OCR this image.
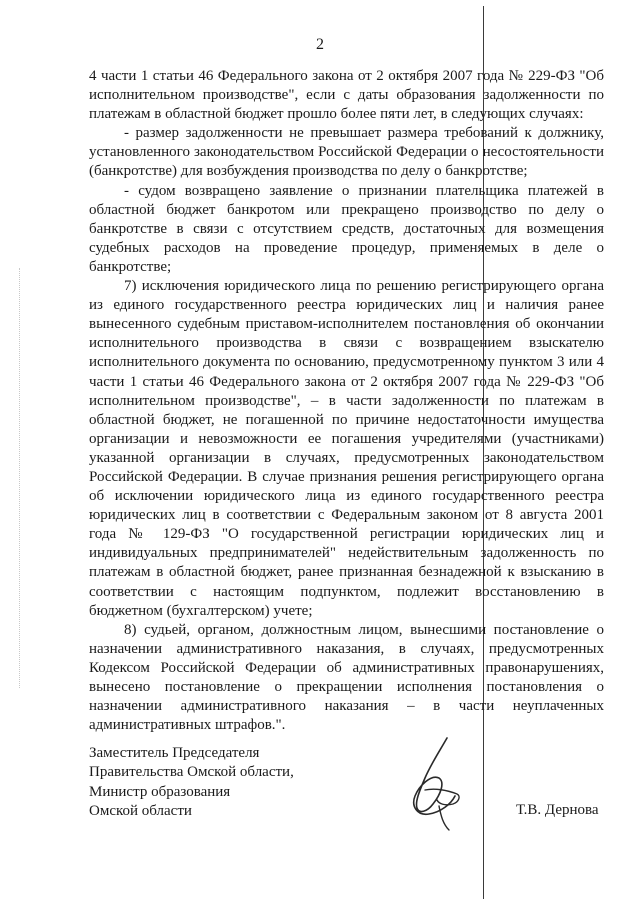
2

4 части 1 статьи 46 Федерального закона от 2 октября 2007 года № 229-ФЗ "Об исполнительном производстве", если с даты образования задолженности по платежам в областной бюджет прошло более пяти лет, в следующих случаях:

- размер задолженности не превышает размера требований к должнику, установленного законодательством Российской Федерации о несостоятельности (банкротстве) для возбуждения производства по делу о банкротстве;

- судом возвращено заявление о признании плательщика платежей в областной бюджет банкротом или прекращено производство по делу о банкротстве в связи с отсутствием средств, достаточных для возмещения судебных расходов на проведение процедур, применяемых в деле о банкротстве;

7) исключения юридического лица по решению регистрирующего органа из единого государственного реестра юридических лиц и наличия ранее вынесенного судебным приставом-исполнителем постановления об окончании исполнительного производства в связи с возвращением взыскателю исполнительного документа по основанию, предусмотренному пунктом 3 или 4 части 1 статьи 46 Федерального закона от 2 октября 2007 года № 229-ФЗ "Об исполнительном производстве", – в части задолженности по платежам в областной бюджет, не погашенной по причине недостаточности имущества организации и невозможности ее погашения учредителями (участниками) указанной организации в случаях, предусмотренных законодательством Российской Федерации. В случае признания решения регистрирующего органа об исключении юридического лица из единого государственного реестра юридических лиц в соответствии с Федеральным законом от 8 августа 2001 года № 129-ФЗ "О государственной регистрации юридических лиц и индивидуальных предпринимателей" недействительным задолженность по платежам в областной бюджет, ранее признанная безнадежной к взысканию в соответствии с настоящим подпунктом, подлежит восстановлению в бюджетном (бухгалтерском) учете;

8) судьей, органом, должностным лицом, вынесшими постановление о назначении административного наказания, в случаях, предусмотренных Кодексом Российской Федерации об административных правонарушениях, вынесено постановление о прекращении исполнения постановления о назначении административного наказания – в части неуплаченных административных штрафов.".

Заместитель Председателя
Правительства Омской области,
Министр образования
Омской области	Т.В. Дернова
